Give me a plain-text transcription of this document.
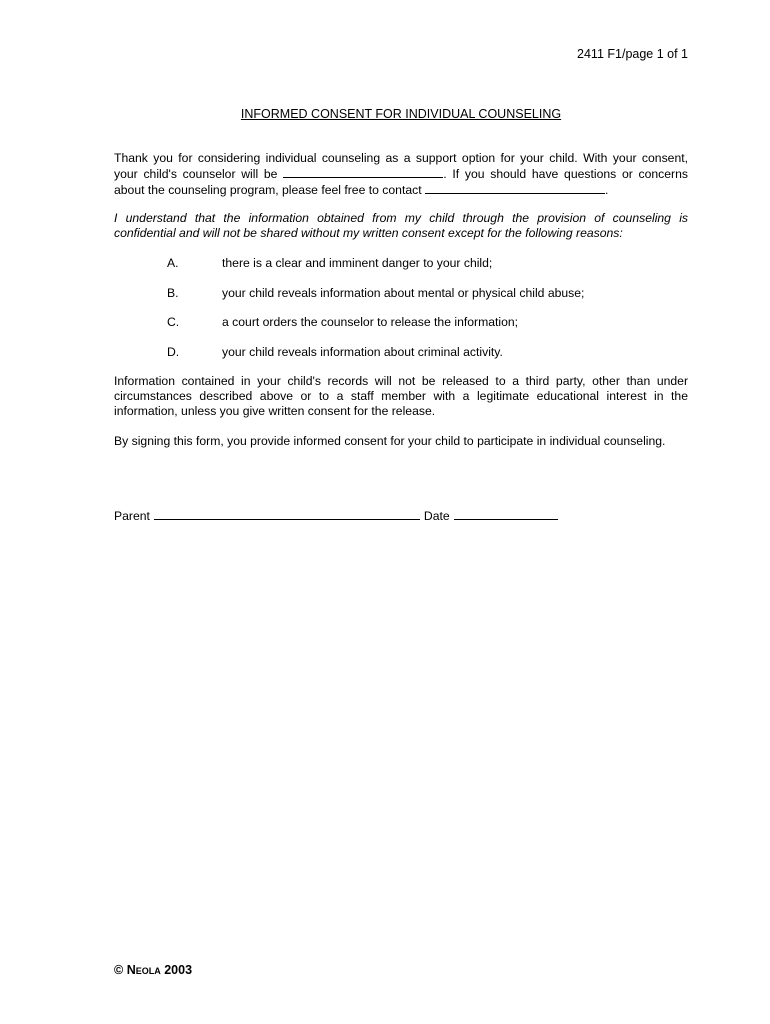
2411 F1/page 1 of 1
INFORMED CONSENT FOR INDIVIDUAL COUNSELING

Thank you for considering individual counseling as a support option for your child. With your consent,
your child's counselor will be	. If you should have questions or concerns
about the counseling program, please feel free to contact	.

I understand that the information obtained from my child through the provision of counseling is
confidential and will not be shared without my written consent except for the following reasons:

A.	there is a clear and imminent danger to your child;
B.	your child reveals information about mental or physical child abuse;
C.	a court orders the counselor to release the information;
D.	your child reveals information about criminal activity.

Information contained in your child's records will not be released to a third party, other than under
circumstances described above or to a staff member with a legitimate educational interest in the
information, unless you give written consent for the release.

By signing this form, you provide informed consent for your child to participate in individual counseling.

Parent	Date
© Neola 2003
